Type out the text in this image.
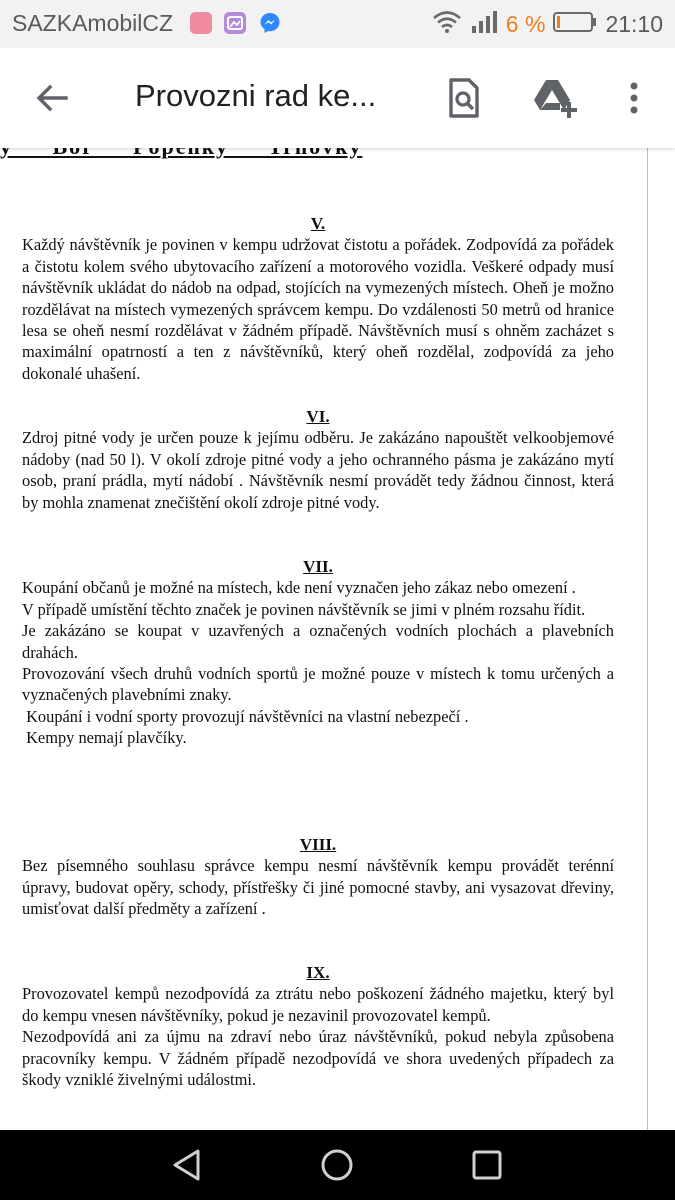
SAZKAmobilCZ	6 %	21:10
Provozni rad ke...
V.
Každý návštěvník je povinen v kempu udržovat čistotu a pořádek. Zodpovídá za pořádek a čistotu kolem svého ubytovacího zařízení a motorového vozidla. Veškeré odpady musí návštěvník ukládat do nádob na odpad, stojících na vymezených místech. Oheň je možno rozdělávat na místech vymezených správcem kempu. Do vzdálenosti 50 metrů od hranice lesa se oheň nesmí rozdělávat v žádném případě. Návštěvních musí s ohněm zacházet s maximální opatrností a ten z návštěvníků, který oheň rozdělal, zodpovídá za jeho dokonalé uhašení.
VI.
Zdroj pitné vody je určen pouze k jejímu odběru. Je zakázáno napouštět velkoobjemové nádoby (nad 50 l). V okolí zdroje pitné vody a jeho ochranného pásma je zakázáno mytí osob, praní prádla, mytí nádobí . Návštěvník nesmí provádět tedy žádnou činnost, která by mohla znamenat znečištění okolí zdroje pitné vody.
VII.
Koupání občanů je možné na místech, kde není vyznačen jeho zákaz nebo omezení .
V případě umístění těchto značek je povinen návštěvník se jimi v plném rozsahu řídit.
Je zakázáno se koupat v uzavřených a označených vodních plochách a plavebních drahách.
Provozování všech druhů vodních sportů je možné pouze v místech k tomu určených a vyznačených plavebními znaky.
Koupání i vodní sporty provozují návštěvníci na vlastní nebezpečí .
Kempy nemají plavčíky.
VIII.
Bez písemného souhlasu správce kempu nesmí návštěvník kempu provádět terénní úpravy, budovat opěry, schody, přístřešky či jiné pomocné stavby, ani vysazovat dřeviny, umisťovat další předměty a zařízení .
IX.
Provozovatel kempů nezodpovídá za ztrátu nebo poškození žádného majetku, který byl do kempu vnesen návštěvníky, pokud je nezavinil provozovatel kempů.
Nezodpovídá ani za újmu na zdraví nebo úraz návštěvníků, pokud nebyla způsobena pracovníky kempu. V žádném případě nezodpovídá ve shora uvedených případech za škody vzniklé živelnými událostmi.
